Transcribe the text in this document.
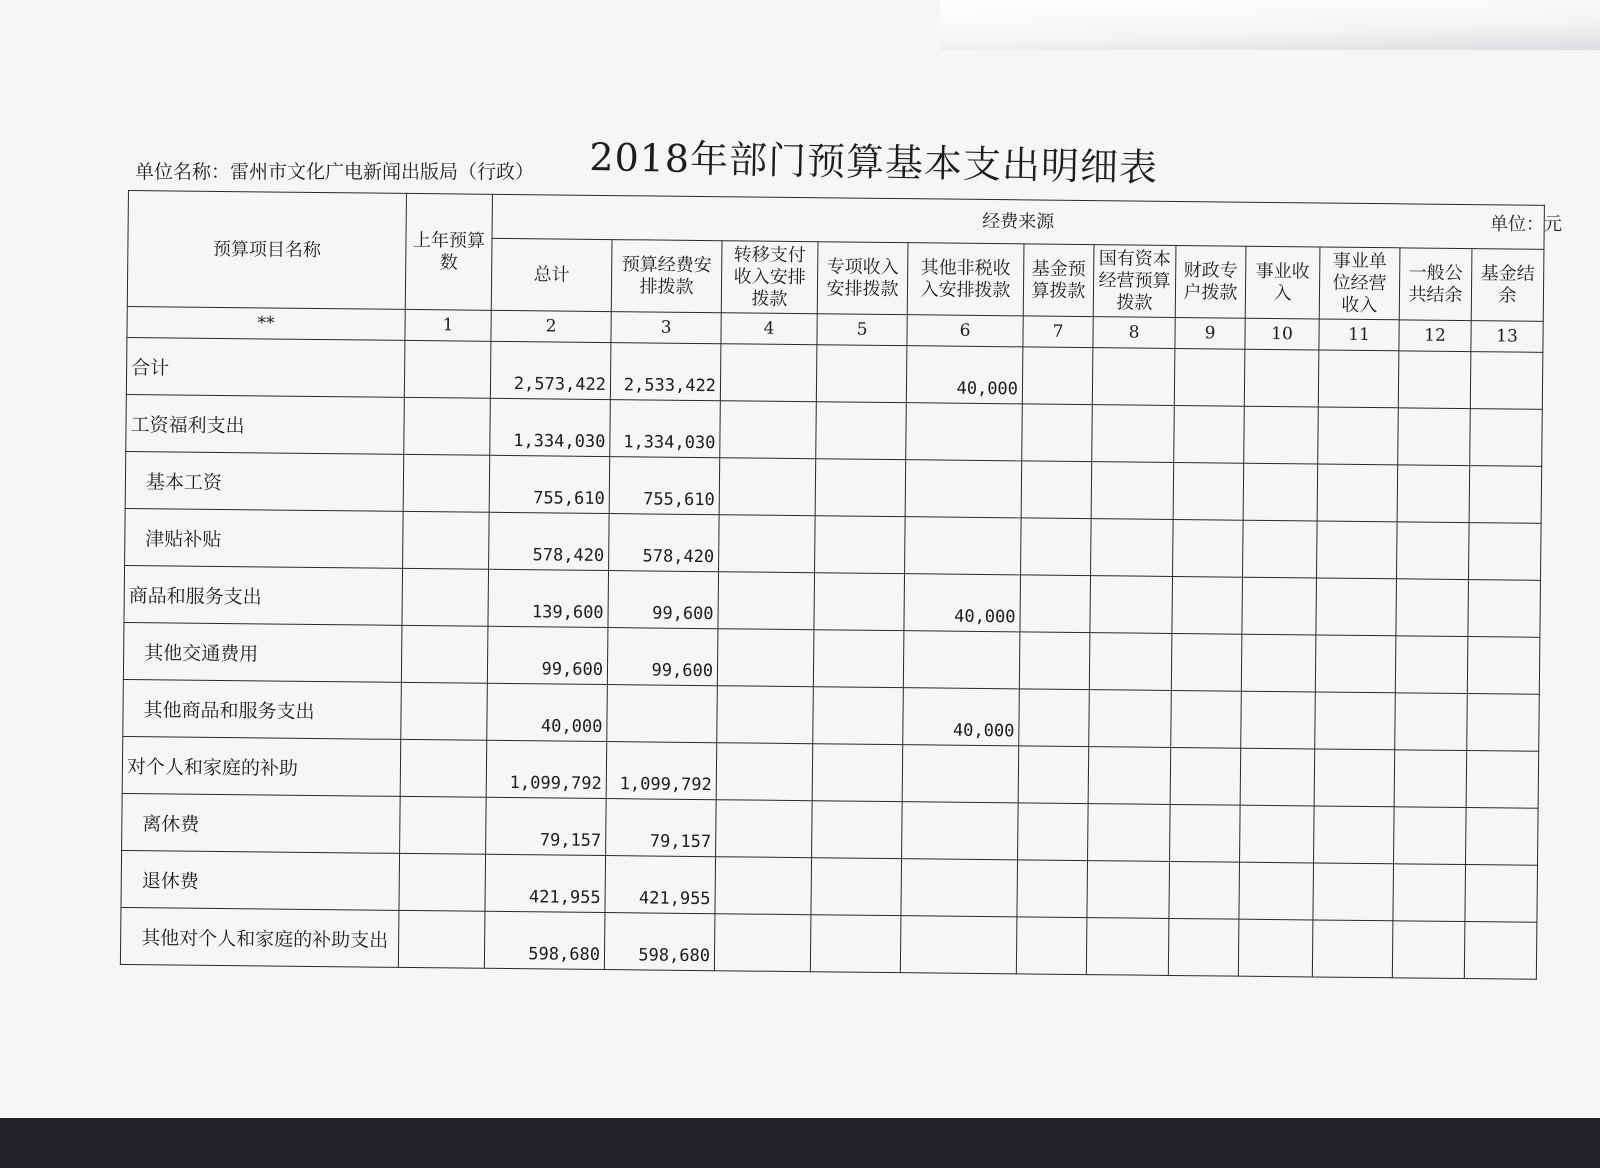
2018年部门预算基本支出明细表
单位名称：雷州市文化广电新闻出版局（行政）
单位：元
预算项目名称	上年预算数	经费来源											
		总计	预算经费安排拨款	转移支付收入安排拨款	专项收入安排拨款	其他非税收入安排拨款	基金预算拨款	国有资本经营预算拨款	财政专户拨款	事业收入	事业单位经营收入	一般公共结余	基金结余
**	1	2	3	4	5	6	7	8	9	10	11	12	13
合计		2,573,422	2,533,422			40,000							
工资福利支出		1,334,030	1,334,030										
基本工资		755,610	755,610										
津贴补贴		578,420	578,420										
商品和服务支出		139,600	99,600			40,000							
其他交通费用		99,600	99,600										
其他商品和服务支出		40,000				40,000							
对个人和家庭的补助		1,099,792	1,099,792										
离休费		79,157	79,157										
退休费		421,955	421,955										
其他对个人和家庭的补助支出		598,680	598,680										
